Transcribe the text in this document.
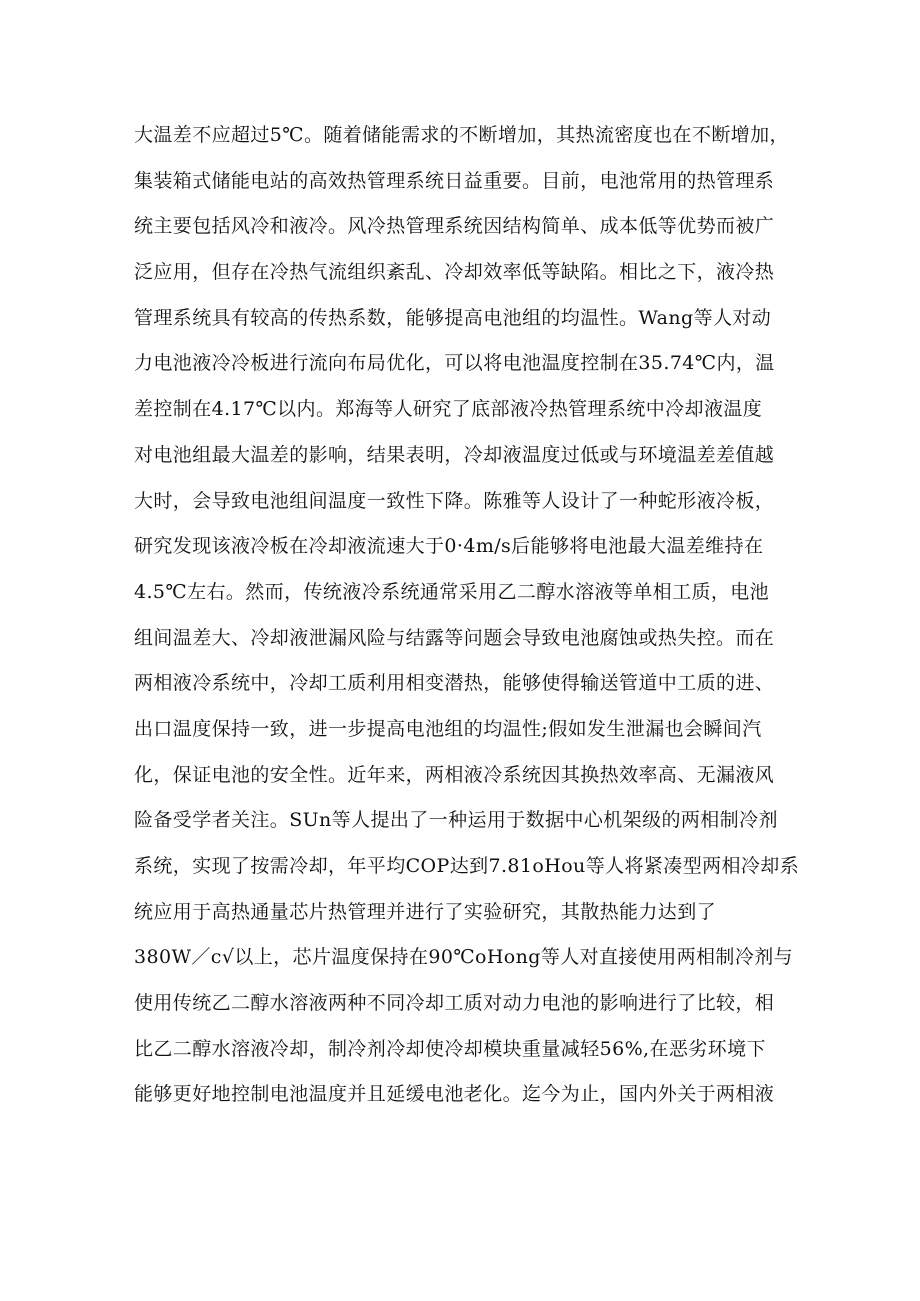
大温差不应超过5℃。随着储能需求的不断增加，其热流密度也在不断增加，
集装箱式储能电站的高效热管理系统日益重要。目前，电池常用的热管理系
统主要包括风冷和液冷。风冷热管理系统因结构简单、成本低等优势而被广
泛应用，但存在冷热气流组织紊乱、冷却效率低等缺陷。相比之下，液冷热
管理系统具有较高的传热系数，能够提高电池组的均温性。Wang等人对动
力电池液冷冷板进行流向布局优化，可以将电池温度控制在35.74℃内，温
差控制在4.17℃以内。郑海等人研究了底部液冷热管理系统中冷却液温度
对电池组最大温差的影响，结果表明，冷却液温度过低或与环境温差差值越
大时，会导致电池组间温度一致性下降。陈雅等人设计了一种蛇形液冷板，
研究发现该液冷板在冷却液流速大于0·4m/s后能够将电池最大温差维持在
4.5℃左右。然而，传统液冷系统通常采用乙二醇水溶液等单相工质，电池
组间温差大、冷却液泄漏风险与结露等问题会导致电池腐蚀或热失控。而在
两相液冷系统中，冷却工质利用相变潜热，能够使得输送管道中工质的进、
出口温度保持一致，进一步提高电池组的均温性;假如发生泄漏也会瞬间汽
化，保证电池的安全性。近年来，两相液冷系统因其换热效率高、无漏液风
险备受学者关注。SUn等人提出了一种运用于数据中心机架级的两相制冷剂
系统，实现了按需冷却，年平均COP达到7.81oHou等人将紧凑型两相冷却系
统应用于高热通量芯片热管理并进行了实验研究，其散热能力达到了
380W／c√以上，芯片温度保持在90℃oHong等人对直接使用两相制冷剂与
使用传统乙二醇水溶液两种不同冷却工质对动力电池的影响进行了比较，相
比乙二醇水溶液冷却，制冷剂冷却使冷却模块重量减轻56%,在恶劣环境下
能够更好地控制电池温度并且延缓电池老化。迄今为止，国内外关于两相液
